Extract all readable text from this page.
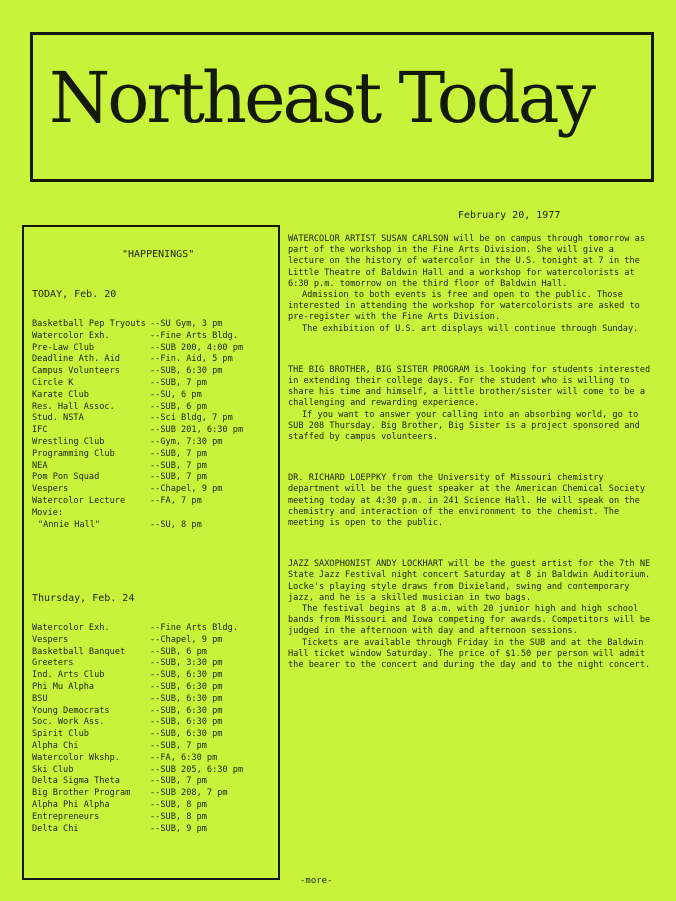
Northeast Today
February 20, 1977
"HAPPENINGS"
TODAY, Feb. 20
Basketball Pep Tryouts --SU Gym, 3 pm
Watercolor Exh.	--Fine Arts Bldg.
Pre-Law Club	--SUB 200, 4:00 pm
Deadline Ath. Aid	--Fin. Aid, 5 pm
Campus Volunteers	--SUB, 6:30 pm
Circle K	--SUB, 7 pm
Karate Club	--SU, 6 pm
Res. Hall Assoc.	--SUB, 6 pm
Stud. NSTA	--Sci Bldg, 7 pm
IFC	--SUB 201, 6:30 pm
Wrestling Club	--Gym, 7:30 pm
Programming Club	--SUB, 7 pm
NEA	--SUB, 7 pm
Pom Pon Squad	--SUB, 7 pm
Vespers	--Chapel, 9 pm
Watercolor Lecture	--FA, 7 pm
Movie:
"Annie Hall"	--SU, 8 pm
Thursday, Feb. 24
Watercolor Exh.	--Fine Arts Bldg.
Vespers	--Chapel, 9 pm
Basketball Banquet	--SUB, 6 pm
Greeters	--SUB, 3:30 pm
Ind. Arts Club	--SUB, 6:30 pm
Phi Mu Alpha	--SUB, 6:30 pm
BSU	--SUB, 6:30 pm
Young Democrats	--SUB, 6:30 pm
Soc. Work Ass.	--SUB, 6:30 pm
Spirit Club	--SUB, 6:30 pm
Alpha Chi	--SUB, 7 pm
Watercolor Wkshp.	--FA, 6:30 pm
Ski Club	--SUB 205, 6:30 pm
Delta Sigma Theta	--SUB, 7 pm
Big Brother Program	--SUB 208, 7 pm
Alpha Phi Alpha	--SUB, 8 pm
Entrepreneurs	--SUB, 8 pm
Delta Chi	--SUB, 9 pm

WATERCOLOR ARTIST SUSAN CARLSON will be on campus through tomorrow as part of the workshop in the Fine Arts Division. She will give a lecture on the history of watercolor in the U.S. tonight at 7 in the Little Theatre of Baldwin Hall and a workshop for watercolorists at 6:30 p.m. tomorrow on the third floor of Baldwin Hall.

Admission to both events is free and open to the public. Those interested in attending the workshop for watercolorists are asked to pre-register with the Fine Arts Division.

The exhibition of U.S. art displays will continue through Sunday.

THE BIG BROTHER, BIG SISTER PROGRAM is looking for students interested in extending their college days. For the student who is willing to share his time and himself, a little brother/sister will come to be a challenging and rewarding experience.

If you want to answer your calling into an absorbing world, go to SUB 208 Thursday. Big Brother, Big Sister is a project sponsored and staffed by campus volunteers.

DR. RICHARD LOEPPKY from the University of Missouri chemistry department will be the guest speaker at the American Chemical Society meeting today at 4:30 p.m. in 241 Science Hall. He will speak on the chemistry and interaction of the environment to the chemist. The meeting is open to the public.

JAZZ SAXOPHONIST ANDY LOCKHART will be the guest artist for the 7th NE State Jazz Festival night concert Saturday at 8 in Baldwin Auditorium. Locke's playing style draws from Dixieland, swing and contemporary jazz, and he is a skilled musician in two bags.

The festival begins at 8 a.m. with 20 junior high and high school bands from Missouri and Iowa competing for awards. Competitors will be judged in the afternoon with day and afternoon sessions.

Tickets are available through Friday in the SUB and at the Baldwin Hall ticket window Saturday. The price of $1.50 per person will admit the bearer to the concert and during the day and to the night concert.

-more-
